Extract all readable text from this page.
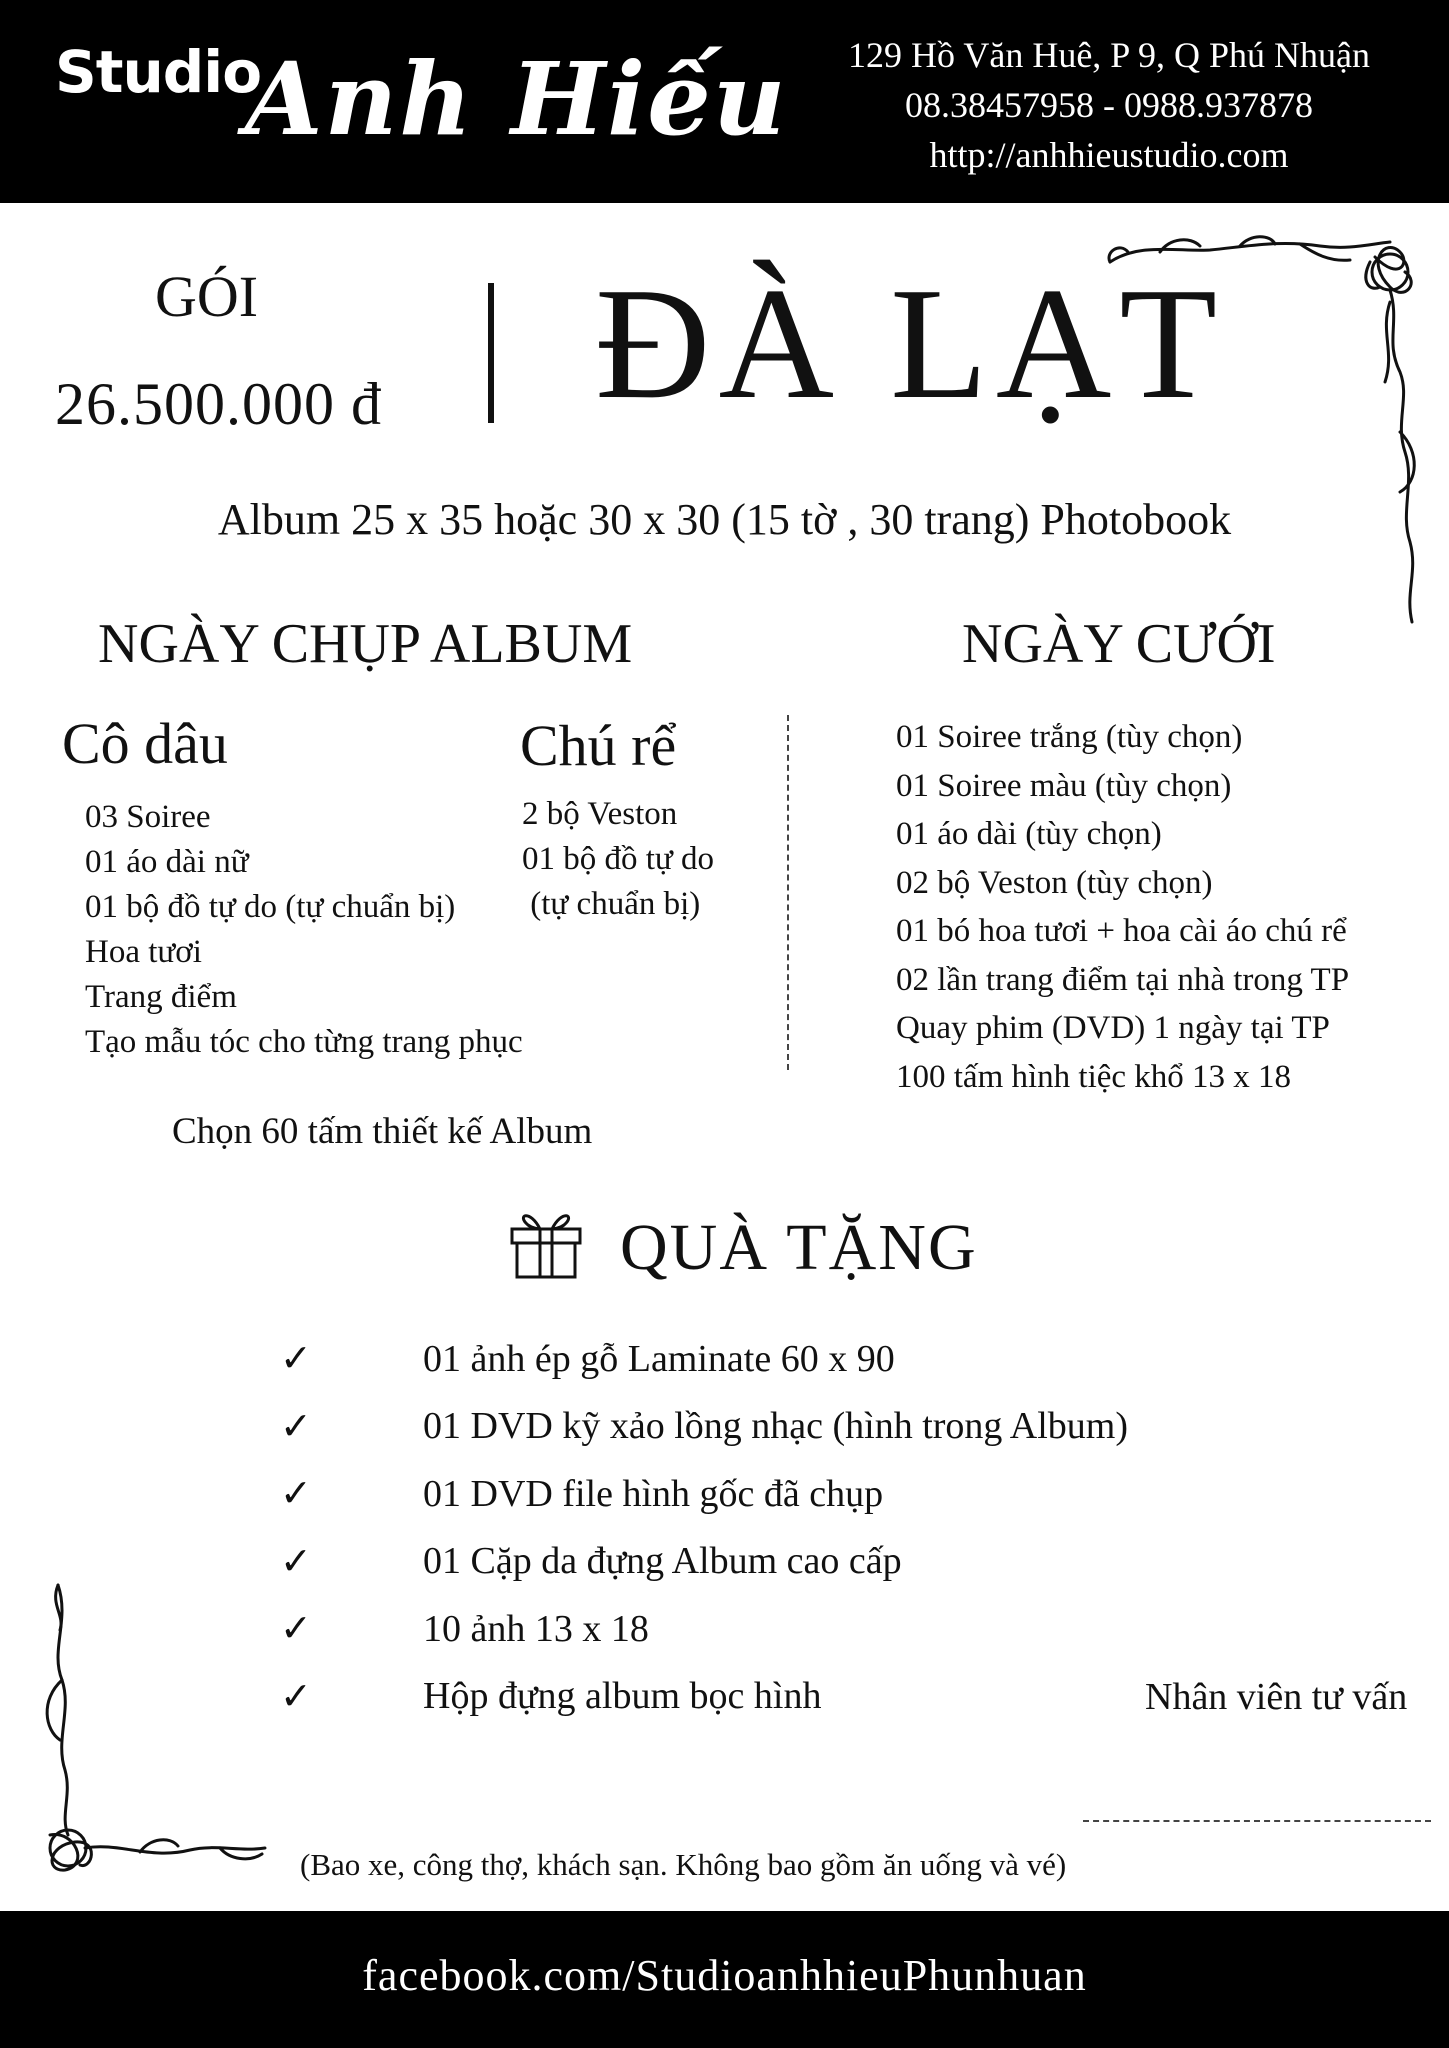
Studio
Anh Hiếu	129 Hồ Văn Huê, P 9, Q Phú Nhuận
08.38457958 - 0988.937878
http://anhhieustudio.com
GÓI
26.500.000 đ ĐÀ LẠT
Album 25 x 35 hoặc 30 x 30 (15 tờ , 30 trang) Photobook
NGÀY CHỤP ALBUM
Cô dâu
03 Soiree
01 áo dài nữ
01 bộ đồ tự do (tự chuẩn bị)
Hoa tươi
Trang điểm
Tạo mẫu tóc cho từng trang phục
Chú rể
2 bộ Veston
01 bộ đồ tự do
(tự chuẩn bị)
Chọn 60 tấm thiết kế Album
NGÀY CƯỚI
01 Soiree trắng (tùy chọn)
01 Soiree màu (tùy chọn)
01 áo dài (tùy chọn)
02 bộ Veston (tùy chọn)
01 bó hoa tươi + hoa cài áo chú rể
02 lần trang điểm tại nhà trong TP
Quay phim (DVD) 1 ngày tại TP
100 tấm hình tiệc khổ 13 x 18
QUÀ TẶNG
✓	01 ảnh ép gỗ Laminate 60 x 90
✓	01 DVD kỹ xảo lồng nhạc (hình trong Album)
✓	01 DVD file hình gốc đã chụp
✓	01 Cặp da đựng Album cao cấp
✓	10 ảnh 13 x 18
✓	Hộp đựng album bọc hình	Nhân viên tư vấn
(Bao xe, công thợ, khách sạn. Không bao gồm ăn uống và vé)
facebook.com/StudioanhhieuPhunhuan
